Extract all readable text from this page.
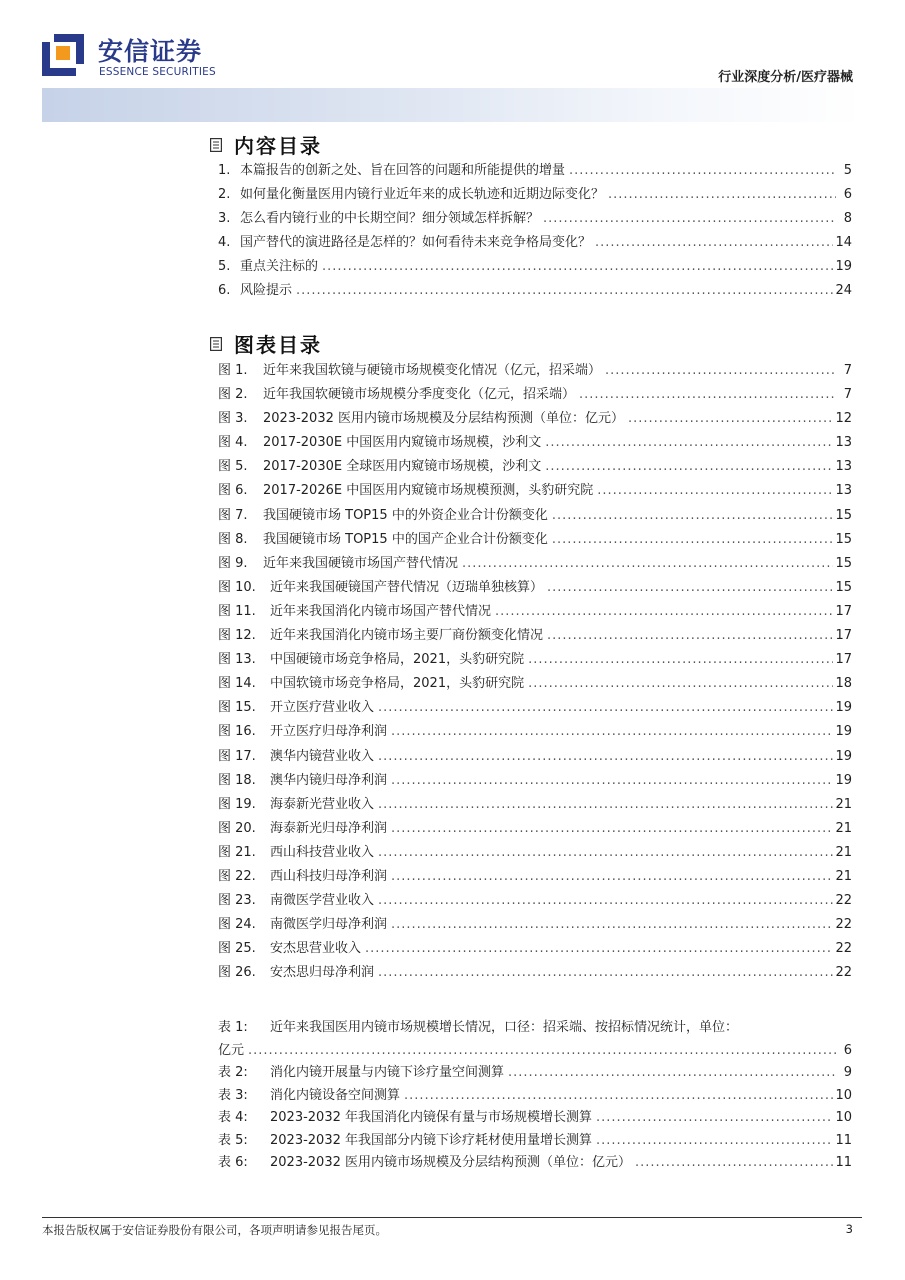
安信证券
ESSENCE SECURITIES	行业深度分析/医疗器械
内容目录
1. 本篇报告的创新之处、旨在回答的问题和所能提供的增量 .....	5
2. 如何量化衡量医用内镜行业近年来的成长轨迹和近期边际变化？ .....	6
3. 怎么看内镜行业的中长期空间？细分领域怎样拆解？ .....	8
4. 国产替代的演进路径是怎样的？如何看待未来竞争格局变化？ .....	14
5. 重点关注标的 .....	19
6. 风险提示 .....	24
图表目录
图 1. 近年来我国软镜与硬镜市场规模变化情况（亿元，招采端） .....	7
图 2. 近年我国软硬镜市场规模分季度变化（亿元，招采端） .....	7
图 3. 2023-2032 医用内镜市场规模及分层结构预测（单位：亿元） .....	12
图 4. 2017-2030E 中国医用内窥镜市场规模，沙利文 .....	13
图 5. 2017-2030E 全球医用内窥镜市场规模，沙利文 .....	13
图 6. 2017-2026E 中国医用内窥镜市场规模预测，头豹研究院 .....	13
图 7. 我国硬镜市场 TOP15 中的外资企业合计份额变化 .....	15
图 8. 我国硬镜市场 TOP15 中的国产企业合计份额变化 .....	15
图 9. 近年来我国硬镜市场国产替代情况 .....	15
图 10. 近年来我国硬镜国产替代情况（迈瑞单独核算） .....	15
图 11. 近年来我国消化内镜市场国产替代情况 .....	17
图 12. 近年来我国消化内镜市场主要厂商份额变化情况 .....	17
图 13. 中国硬镜市场竞争格局，2021，头豹研究院 .....	17
图 14. 中国软镜市场竞争格局，2021，头豹研究院 .....	18
图 15. 开立医疗营业收入 .....	19
图 16. 开立医疗归母净利润 .....	19
图 17. 澳华内镜营业收入 .....	19
图 18. 澳华内镜归母净利润 .....	19
图 19. 海泰新光营业收入 .....	21
图 20. 海泰新光归母净利润 .....	21
图 21. 西山科技营业收入 .....	21
图 22. 西山科技归母净利润 .....	21
图 23. 南微医学营业收入 .....	22
图 24. 南微医学归母净利润 .....	22
图 25. 安杰思营业收入 .....	22
图 26. 安杰思归母净利润 .....	22
表 1:	近年来我国医用内镜市场规模增长情况，口径：招采端、按招标情况统计，单位：
亿元 .....	6
表 2: 消化内镜开展量与内镜下诊疗量空间测算 .....	9
表 3: 消化内镜设备空间测算 .....	10
表 4: 2023-2032 年我国消化内镜保有量与市场规模增长测算 .....	10
表 5: 2023-2032 年我国部分内镜下诊疗耗材使用量增长测算 .....	11
表 6: 2023-2032 医用内镜市场规模及分层结构预测（单位：亿元） .....	11
本报告版权属于安信证券股份有限公司，各项声明请参见报告尾页。	3
